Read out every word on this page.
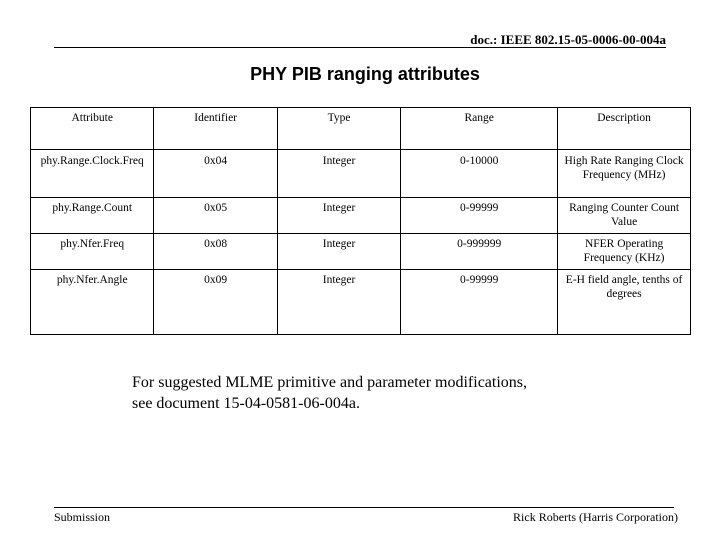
doc.: IEEE 802.15-05-0006-00-004a
PHY PIB ranging attributes
Attribute	Identifier	Type	Range	Description
phy.Range.Clock.Freq	0x04	Integer	0-10000	High Rate Ranging Clock Frequency (MHz)
phy.Range.Count	0x05	Integer	0-99999	Ranging Counter Count Value
phy.Nfer.Freq	0x08	Integer	0-999999	NFER Operating Frequency (KHz)
phy.Nfer.Angle	0x09	Integer	0-99999	E-H field angle, tenths of degrees
For suggested MLME primitive and parameter modifications,
see document 15-04-0581-06-004a.
Submission	Rick Roberts (Harris Corporation)
